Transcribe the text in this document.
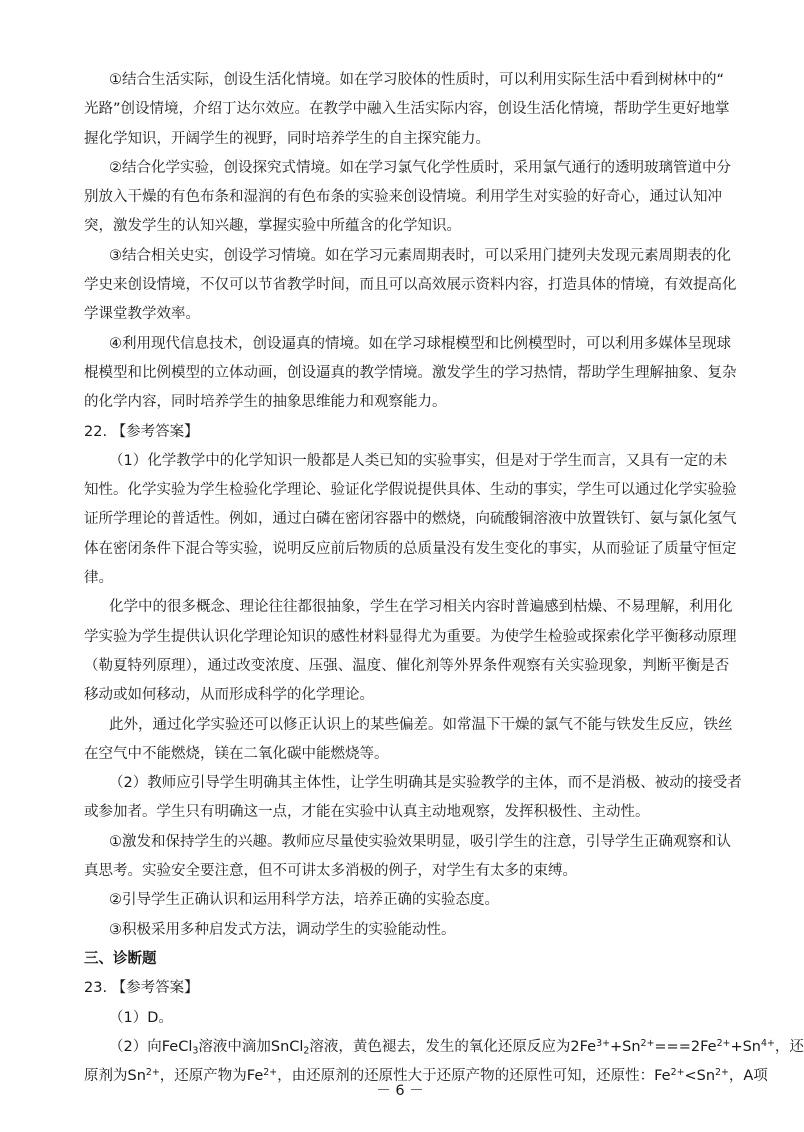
①结合生活实际，创设生活化情境。如在学习胶体的性质时，可以利用实际生活中看到树林中的“
光路”创设情境，介绍丁达尔效应。在教学中融入生活实际内容，创设生活化情境，帮助学生更好地掌
握化学知识，开阔学生的视野，同时培养学生的自主探究能力。
②结合化学实验，创设探究式情境。如在学习氯气化学性质时，采用氯气通行的透明玻璃管道中分
别放入干燥的有色布条和湿润的有色布条的实验来创设情境。利用学生对实验的好奇心，通过认知冲
突，激发学生的认知兴趣，掌握实验中所蕴含的化学知识。
③结合相关史实，创设学习情境。如在学习元素周期表时，可以采用门捷列夫发现元素周期表的化
学史来创设情境，不仅可以节省教学时间，而且可以高效展示资料内容，打造具体的情境，有效提高化
学课堂教学效率。
④利用现代信息技术，创设逼真的情境。如在学习球棍模型和比例模型时，可以利用多媒体呈现球
棍模型和比例模型的立体动画，创设逼真的教学情境。激发学生的学习热情，帮助学生理解抽象、复杂
的化学内容，同时培养学生的抽象思维能力和观察能力。
22. 【参考答案】
（1）化学教学中的化学知识一般都是人类已知的实验事实，但是对于学生而言，又具有一定的未
知性。化学实验为学生检验化学理论、验证化学假说提供具体、生动的事实，学生可以通过化学实验验
证所学理论的普适性。例如，通过白磷在密闭容器中的燃烧，向硫酸铜溶液中放置铁钉、氨与氯化氢气
体在密闭条件下混合等实验，说明反应前后物质的总质量没有发生变化的事实，从而验证了质量守恒定
律。
化学中的很多概念、理论往往都很抽象，学生在学习相关内容时普遍感到枯燥、不易理解，利用化
学实验为学生提供认识化学理论知识的感性材料显得尤为重要。为使学生检验或探索化学平衡移动原理
（勒夏特列原理），通过改变浓度、压强、温度、催化剂等外界条件观察有关实验现象，判断平衡是否
移动或如何移动，从而形成科学的化学理论。
此外，通过化学实验还可以修正认识上的某些偏差。如常温下干燥的氯气不能与铁发生反应，铁丝
在空气中不能燃烧，镁在二氧化碳中能燃烧等。
（2）教师应引导学生明确其主体性，让学生明确其是实验教学的主体，而不是消极、被动的接受者
或参加者。学生只有明确这一点，才能在实验中认真主动地观察，发挥积极性、主动性。
①激发和保持学生的兴趣。教师应尽量使实验效果明显，吸引学生的注意，引导学生正确观察和认
真思考。实验安全要注意，但不可讲太多消极的例子，对学生有太多的束缚。
②引导学生正确认识和运用科学方法，培养正确的实验态度。
③积极采用多种启发式方法，调动学生的实验能动性。
三、诊断题
23. 【参考答案】
（1）D。
（2）向FeCl$_3$溶液中滴加SnCl$_2$溶液，黄色褪去，发生的氧化还原反应为$2Fe^{3+}+Sn^{2+}===2Fe^{2+}+Sn^{4+}$，还
原剂为$Sn^{2+}$，还原产物为$Fe^{2+}$，由还原剂的还原性大于还原产物的还原性可知，还原性：$Fe^{2+}<Sn^{2+}$，A项
－ 6 －
